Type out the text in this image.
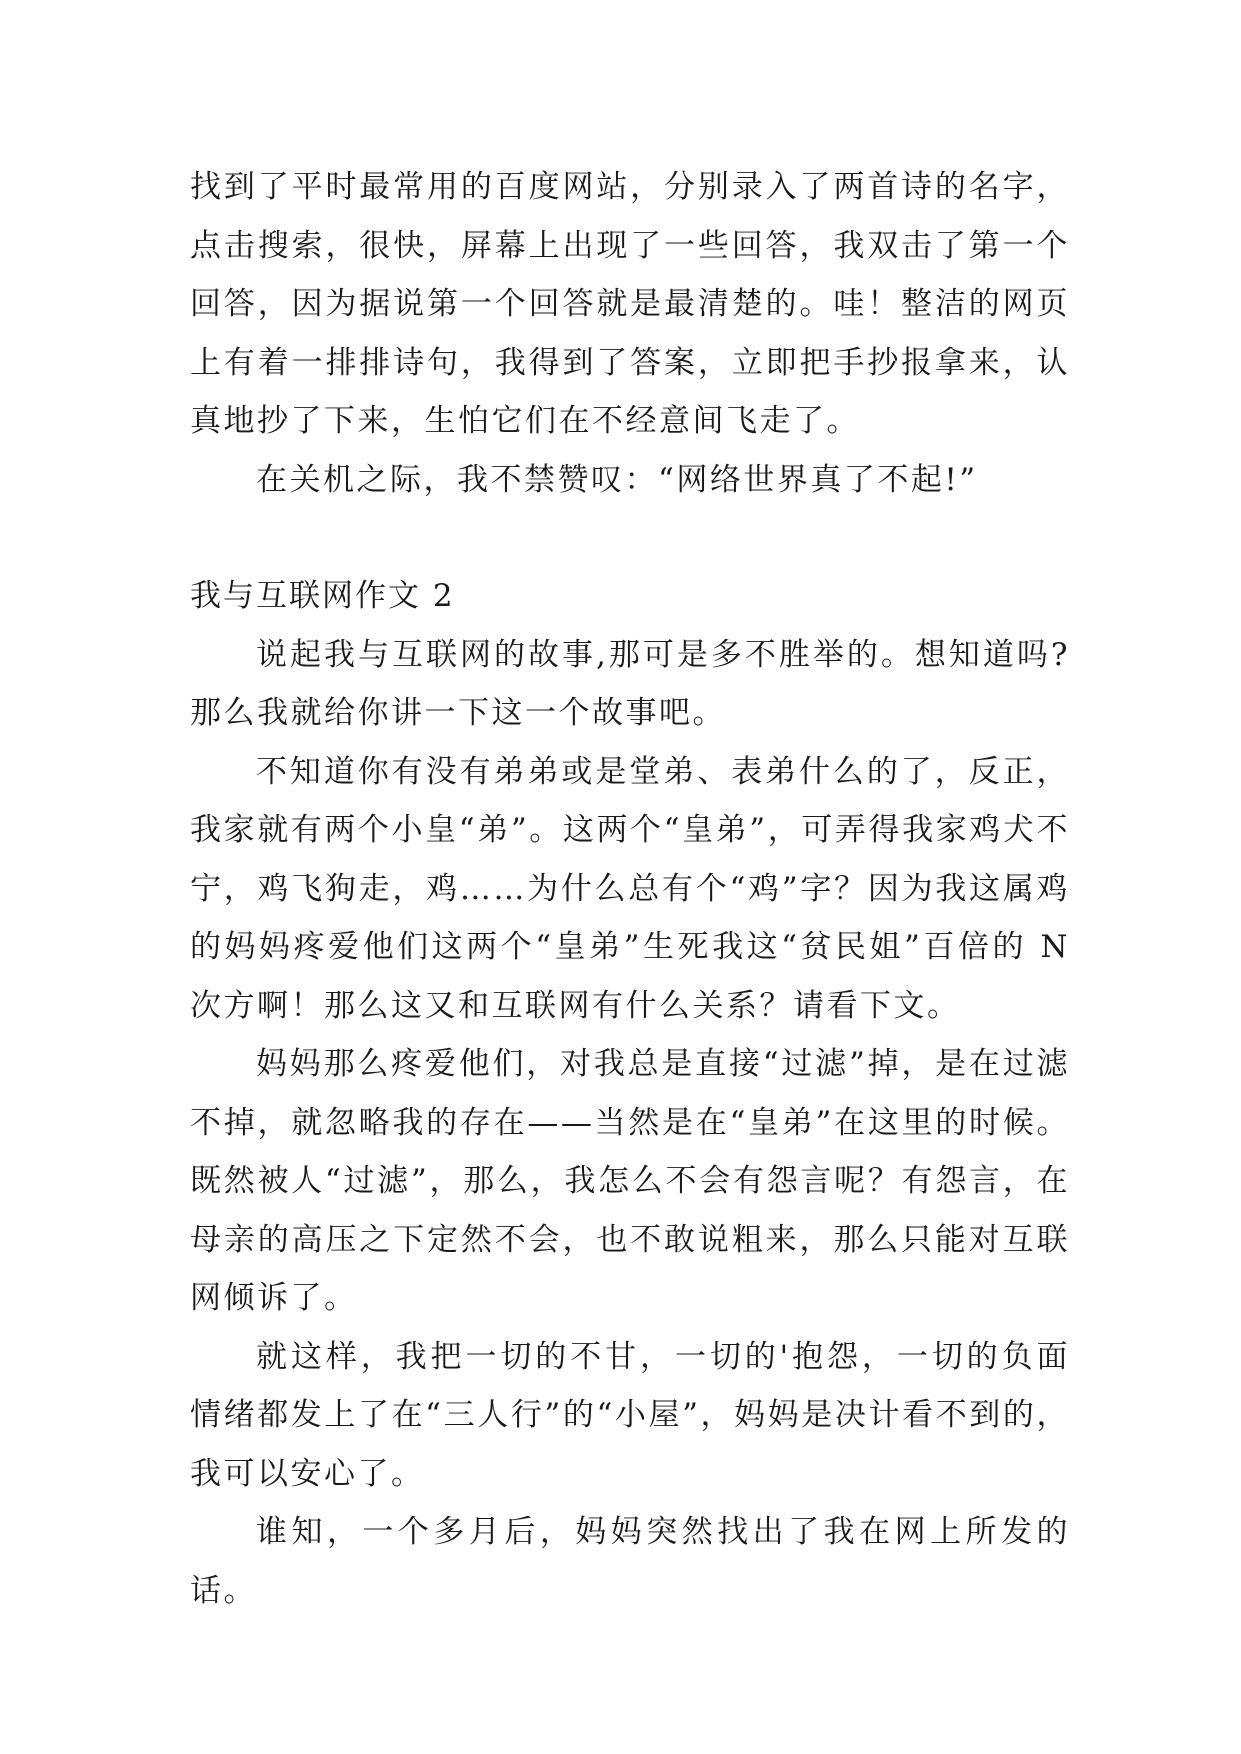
找到了平时最常用的百度网站，分别录入了两首诗的名字，点击搜索，很快，屏幕上出现了一些回答，我双击了第一个回答，因为据说第一个回答就是最清楚的。哇！整洁的网页上有着一排排诗句，我得到了答案，立即把手抄报拿来，认真地抄了下来，生怕它们在不经意间飞走了。

在关机之际，我不禁赞叹：“网络世界真了不起!”

我与互联网作文 2

说起我与互联网的故事,那可是多不胜举的。想知道吗?那么我就给你讲一下这一个故事吧。

不知道你有没有弟弟或是堂弟、表弟什么的了，反正，我家就有两个小皇“弟”。这两个“皇弟”，可弄得我家鸡犬不宁，鸡飞狗走，鸡……为什么总有个“鸡”字？因为我这属鸡的妈妈疼爱他们这两个“皇弟”生死我这“贫民姐”百倍的 N 次方啊！那么这又和互联网有什么关系？请看下文。

妈妈那么疼爱他们，对我总是直接“过滤”掉，是在过滤不掉，就忽略我的存在——当然是在“皇弟”在这里的时候。既然被人“过滤”，那么，我怎么不会有怨言呢？有怨言，在母亲的高压之下定然不会，也不敢说粗来，那么只能对互联网倾诉了。

就这样，我把一切的不甘，一切的'抱怨，一切的负面情绪都发上了在“三人行”的“小屋”，妈妈是决计看不到的，我可以安心了。

谁知，一个多月后，妈妈突然找出了我在网上所发的话。
